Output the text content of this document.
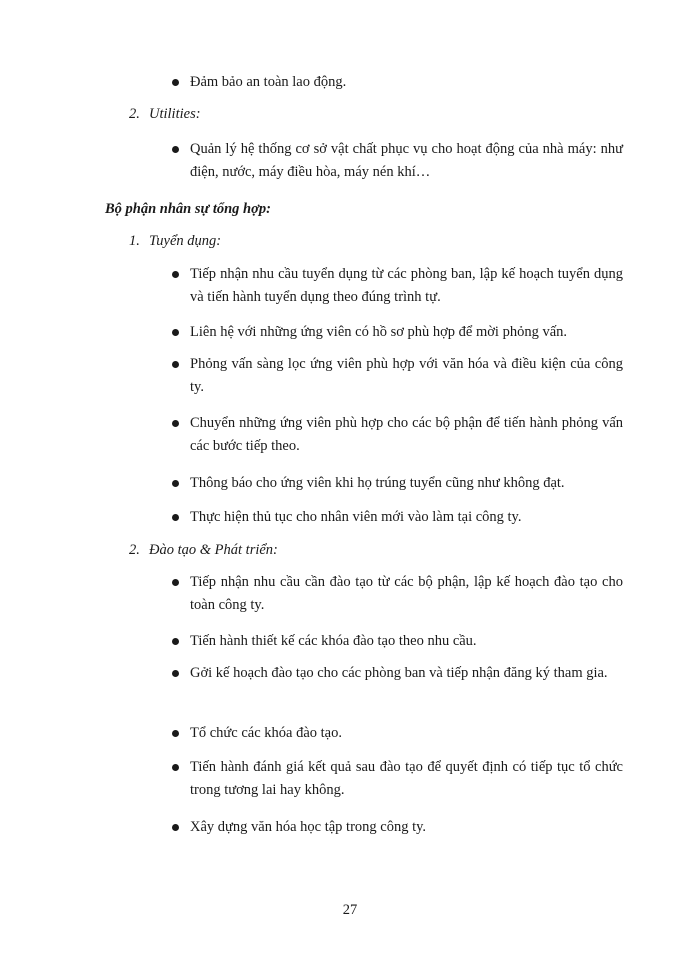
Đảm bảo an toàn lao động.
2. Utilities:
Quản lý hệ thống cơ sở vật chất phục vụ cho hoạt động của nhà máy: như điện, nước, máy điều hòa, máy nén khí…
Bộ phận nhân sự tổng hợp:
1. Tuyển dụng:
Tiếp nhận nhu cầu tuyển dụng từ các phòng ban, lập kế hoạch tuyển dụng và tiến hành tuyển dụng theo đúng trình tự.
Liên hệ với những ứng viên có hồ sơ phù hợp để mời phỏng vấn.
Phỏng vấn sàng lọc ứng viên phù hợp với văn hóa và điều kiện của công ty.
Chuyển những ứng viên phù hợp cho các bộ phận để tiến hành phỏng vấn các bước tiếp theo.
Thông báo cho ứng viên khi họ trúng tuyển cũng như không đạt.
Thực hiện thủ tục cho nhân viên mới vào làm tại công ty.
2. Đào tạo & Phát triển:
Tiếp nhận nhu cầu cần đào tạo từ các bộ phận, lập kế hoạch đào tạo cho toàn công ty.
Tiến hành thiết kế các khóa đào tạo theo nhu cầu.
Gởi kế hoạch đào tạo cho các phòng ban và tiếp nhận đăng ký tham gia.
Tổ chức các khóa đào tạo.
Tiến hành đánh giá kết quả sau đào tạo để quyết định có tiếp tục tổ chức trong tương lai hay không.
Xây dựng văn hóa học tập trong công ty.
27
